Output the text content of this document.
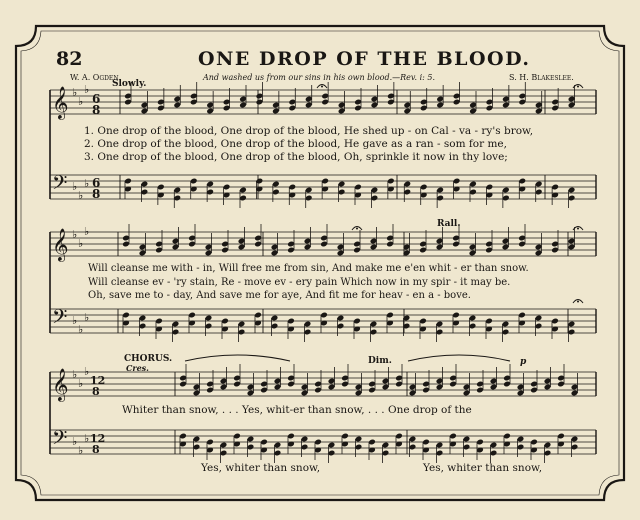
82	ONE DROP OF THE BLOOD.
W. A. Ogden.	And washed us from our sins in his own blood.—Rev. i: 5.	S. H. Blakeslee.
𝄞
𝄢
♭
♭
♭
♭
♭
♭
𝄞
𝄢
♭
♭
♭
♭
♭
♭
𝄞
𝄢
♭
♭
♭
♭
♭
♭
6
8
6
8
12
8
12
8
Slowly.
Rall.
CHORUS.
Cres.
Dim.	p
1. One drop of the blood, One drop of the blood, He shed up - on Cal - va - ry's brow,
2. One drop of the blood, One drop of the blood, He gave as a ran - som for me,
3. One drop of the blood, One drop of the blood, Oh, sprinkle it now in thy love;
Will cleanse me with - in, Will free me from sin, And make me e'en whit - er than snow.
Will cleanse ev - 'ry stain, Re - move ev - ery pain Which now in my spir - it may be.
Oh, save me to - day, And save me for aye, And fit me for heav - en a - bove.
Whiter than snow, . . . Yes, whit-er than snow, . . . One drop of the
Yes, whiter than snow,	Yes, whiter than snow,
